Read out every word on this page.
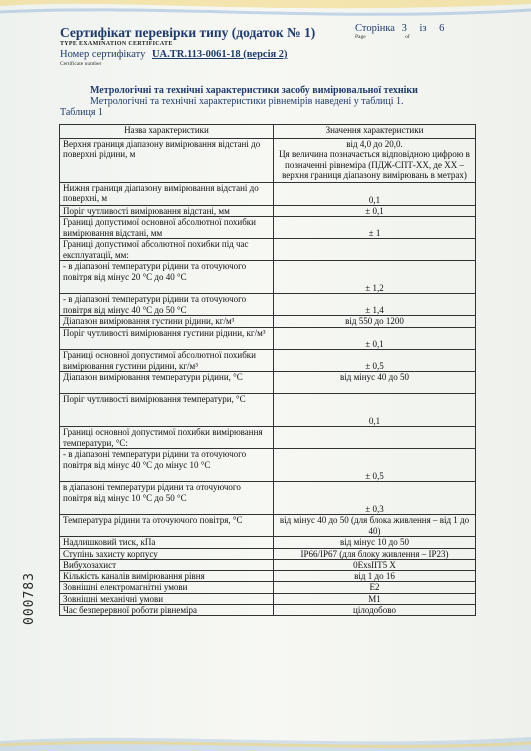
Сертифікат перевірки типу (додаток № 1)
TYPE EXAMINATION CERTIFICATE
Номер сертифікату UA.TR.113-0061-18 (версія 2)
Certificate number
Сторінка 3 із 6
Page	of
Метрологічні та технічні характеристики засобу вимірювальної техніки
Метрологічні та технічні характеристики рівнемірів наведені у таблиці 1.
Таблиця 1
Назва характеристики	Значення характеристики
Верхня границя діапазону вимірювання відстані до поверхні рідини, м	від 4,0 до 20,0.
Ця величина позначається відповідною цифрою в позначенні рівнеміра (ПДЖ-СПТ-ХХ, де ХХ – верхня границя діапазону вимірювань в метрах)
Нижня границя діапазону вимірювання відстані до поверхні, м	0,1
Поріг чутливості вимірювання відстані, мм	± 0,1
Границі допустимої основної абсолютної похибки вимірювання відстані, мм	± 1
Границі допустимої абсолютної похибки під час експлуатації, мм:	
- в діапазоні температури рідини та оточуючого повітря від мінус 20 °С до 40 °С	± 1,2
- в діапазоні температури рідини та оточуючого повітря від мінус 40 °С до 50 °С	± 1,4
Діапазон вимірювання густини рідини, кг/м³	від 550 до 1200
Поріг чутливості вимірювання густини рідини, кг/м³	± 0,1
Границі основної допустимої абсолютної похибки вимірювання густини рідини, кг/м³	± 0,5
Діапазон вимірювання температури рідини, °С	від мінус 40 до 50
Поріг чутливості вимірювання температури, °С	0,1
Границі основної допустимої похибки вимірювання температури, °С:	
- в діапазоні температури рідини та оточуючого повітря від мінус 40 °С до мінус 10 °С	± 0,5
в діапазоні температури рідини та оточуючого повітря від мінус 10 °С до 50 °С	± 0,3
Температура рідини та оточуючого повітря, °С	від мінус 40 до 50 (для блока живлення – від 1 до 40)
Надлишковий тиск, кПа	від мінус 10 до 50
Ступінь захисту корпусу	IP66/IP67 (для блоку живлення – IP23)
Вибухозахист	0ExsIIT5 X
Кількість каналів вимірювання рівня	від 1 до 16
Зовнішні електромагнітні умови	E2
Зовнішні механічні умови	M1
Час безперервної роботи рівнеміра	цілодобово
000783
